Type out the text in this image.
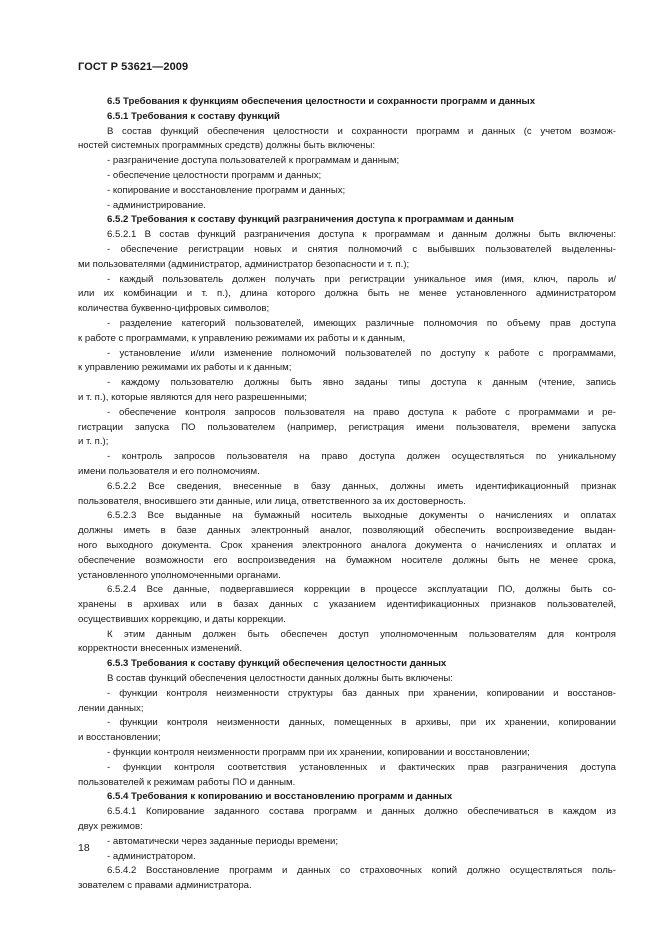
ГОСТ Р 53621—2009
6.5 Требования к функциям обеспечения целостности и сохранности программ и данных
6.5.1 Требования к составу функций
В состав функций обеспечения целостности и сохранности программ и данных (с учетом возмож-
ностей системных программных средств) должны быть включены:
- разграничение доступа пользователей к программам и данным;
- обеспечение целостности программ и данных;
- копирование и восстановление программ и данных;
- администрирование.
6.5.2 Требования к составу функций разграничения доступа к программам и данным
6.5.2.1 В состав функций разграничения доступа к программам и данным должны быть включены:
- обеспечение регистрации новых и снятия полномочий с выбывших пользователей выделенны-
ми пользователями (администратор, администратор безопасности и т. п.);
- каждый пользователь должен получать при регистрации уникальное имя (имя, ключ, пароль и/
или их комбинации и т. п.), длина которого должна быть не менее установленного администратором
количества буквенно-цифровых символов;
- разделение категорий пользователей, имеющих различные полномочия по объему прав доступа
к работе с программами, к управлению режимами их работы и к данным,
- установление и/или изменение полномочий пользователей по доступу к работе с программами,
к управлению режимами их работы и к данным;
- каждому пользователю должны быть явно заданы типы доступа к данным (чтение, запись
и т. п.), которые являются для него разрешенными;
- обеспечение контроля запросов пользователя на право доступа к работе с программами и ре-
гистрации запуска ПО пользователем (например, регистрация имени пользователя, времени запуска
и т. п.);
- контроль запросов пользователя на право доступа должен осуществляться по уникальному
имени пользователя и его полномочиям.
6.5.2.2 Все сведения, внесенные в базу данных, должны иметь идентификационный признак
пользователя, вносившего эти данные, или лица, ответственного за их достоверность.
6.5.2.3 Все выданные на бумажный носитель выходные документы о начислениях и оплатах
должны иметь в базе данных электронный аналог, позволяющий обеспечить воспроизведение выдан-
ного выходного документа. Срок хранения электронного аналога документа о начислениях и оплатах и
обеспечение возможности его воспроизведения на бумажном носителе должны быть не менее срока,
установленного уполномоченными органами.
6.5.2.4 Все данные, подвергавшиеся коррекции в процессе эксплуатации ПО, должны быть со-
хранены в архивах или в базах данных с указанием идентификационных признаков пользователей,
осуществивших коррекцию, и даты коррекции.
К этим данным должен быть обеспечен доступ уполномоченным пользователям для контроля
корректности внесенных изменений.
6.5.3 Требования к составу функций обеспечения целостности данных
В состав функций обеспечения целостности данных должны быть включены:
- функции контроля неизменности структуры баз данных при хранении, копировании и восстанов-
лении данных;
- функции контроля неизменности данных, помещенных в архивы, при их хранении, копировании
и восстановлении;
- функции контроля неизменности программ при их хранении, копировании и восстановлении;
- функции контроля соответствия установленных и фактических прав разграничения доступа
пользователей к режимам работы ПО и данным.
6.5.4 Требования к копированию и восстановлению программ и данных
6.5.4.1 Копирование заданного состава программ и данных должно обеспечиваться в каждом из
двух режимов:
- автоматически через заданные периоды времени;
- администратором.
6.5.4.2 Восстановление программ и данных со страховочных копий должно осуществляться поль-
зователем с правами администратора.
18
